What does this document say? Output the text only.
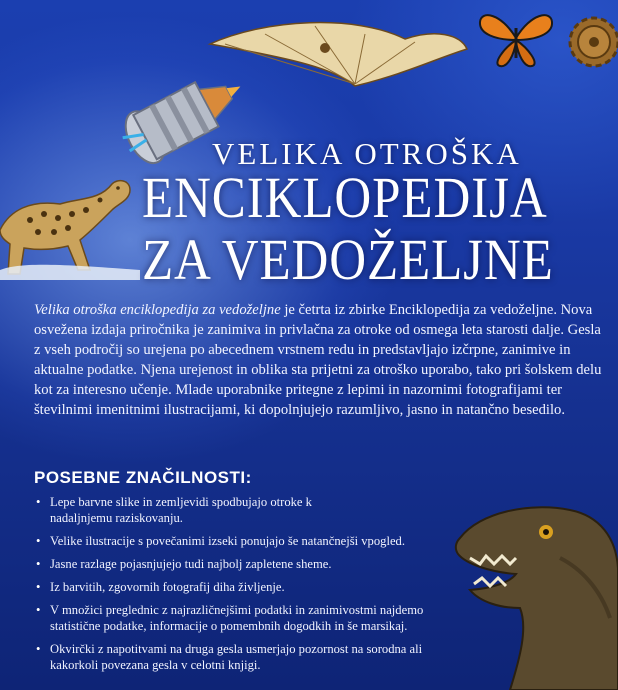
VELIKA OTROŠKA
ENCIKLOPEDIJA
ZA VEDOŽELJNE

Velika otroška enciklopedija za vedoželjne je četrta iz zbirke Enciklopedija za vedoželjne. Nova osvežena izdaja priročnika je zanimiva in privlačna za otroke od osmega leta starosti dalje. Gesla z vseh področij so urejena po abecednem vrstnem redu in predstavljajo izčrpne, zanimive in aktualne podatke. Njena urejenost in oblika sta prijetni za otroško uporabo, tako pri šolskem delu kot za interesno učenje. Mlade uporabnike pritegne z lepimi in nazornimi fotografijami ter številnimi imenitnimi ilustracijami, ki dopolnjujejo razumljivo, jasno in natančno besedilo.

POSEBNE ZNAČILNOSTI:
• Lepe barvne slike in zemljevidi spodbujajo otroke k nadaljnjemu raziskovanju.
• Velike ilustracije s povečanimi izseki ponujajo še natančnejši vpogled.
• Jasne razlage pojasnjujejo tudi najbolj zapletene sheme.
• Iz barvitih, zgovornih fotografij diha življenje.
• V množici preglednic z najrazličnejšimi podatki in zanimivostmi najdemo statistične podatke, informacije o pomembnih dogodkih in še marsikaj.
• Okvirčki z napotitvami na druga gesla usmerjajo pozornost na sorodna ali kakorkoli povezana gesla v celotni knjigi.
